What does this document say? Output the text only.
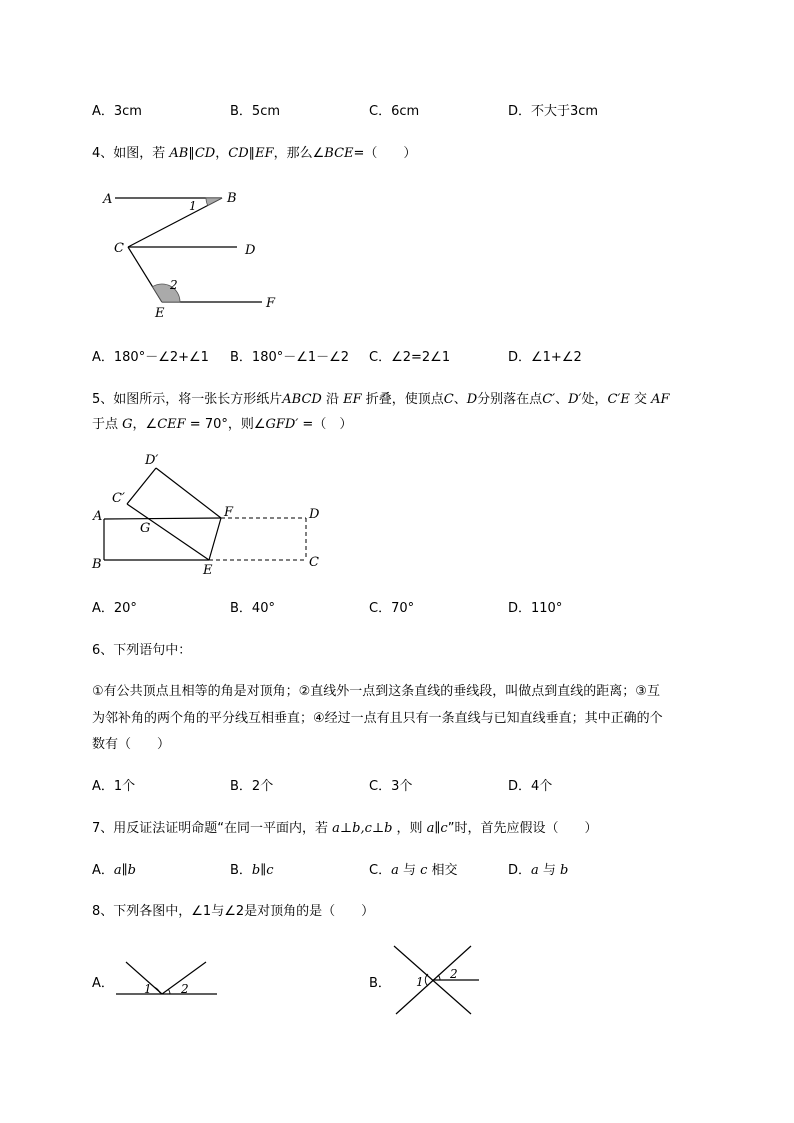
A．3cm	B．5cm	C．6cm	D．不大于3cm
4、如图，若 AB∥CD，CD∥EF，那么∠BCE=（　　）
A	B
C	D
E
F
1
2
A．180°－∠2+∠1 B．180°－∠1－∠2 C．∠2=2∠1	D．∠1+∠2
5、如图所示，将一张长方形纸片ABCD 沿 EF 折叠，使顶点C、D分别落在点C′、D′处，C′E 交 AF
于点 G，∠CEF = 70°，则∠GFD′ =（　）
D′
C′
A
G
F	D
B	E
C
A．20°	B．40°	C．70°	D．110°
6、下列语句中：
①有公共顶点且相等的角是对顶角；②直线外一点到这条直线的垂线段，叫做点到直线的距离；③互
为邻补角的两个角的平分线互相垂直；④经过一点有且只有一条直线与已知直线垂直；其中正确的个
数有（　　）
A．1个	B．2个	C．3个	D．4个
7、用反证法证明命题“在同一平面内，若 a⊥b,c⊥b ，则 a∥c”时，首先应假设（　　）
A．a∥b	B．b∥c	C．a 与 c 相交	D．a 与 b
8、下列各图中，∠1与∠2是对顶角的是（　　）
A．	1 2	B． 1
2
